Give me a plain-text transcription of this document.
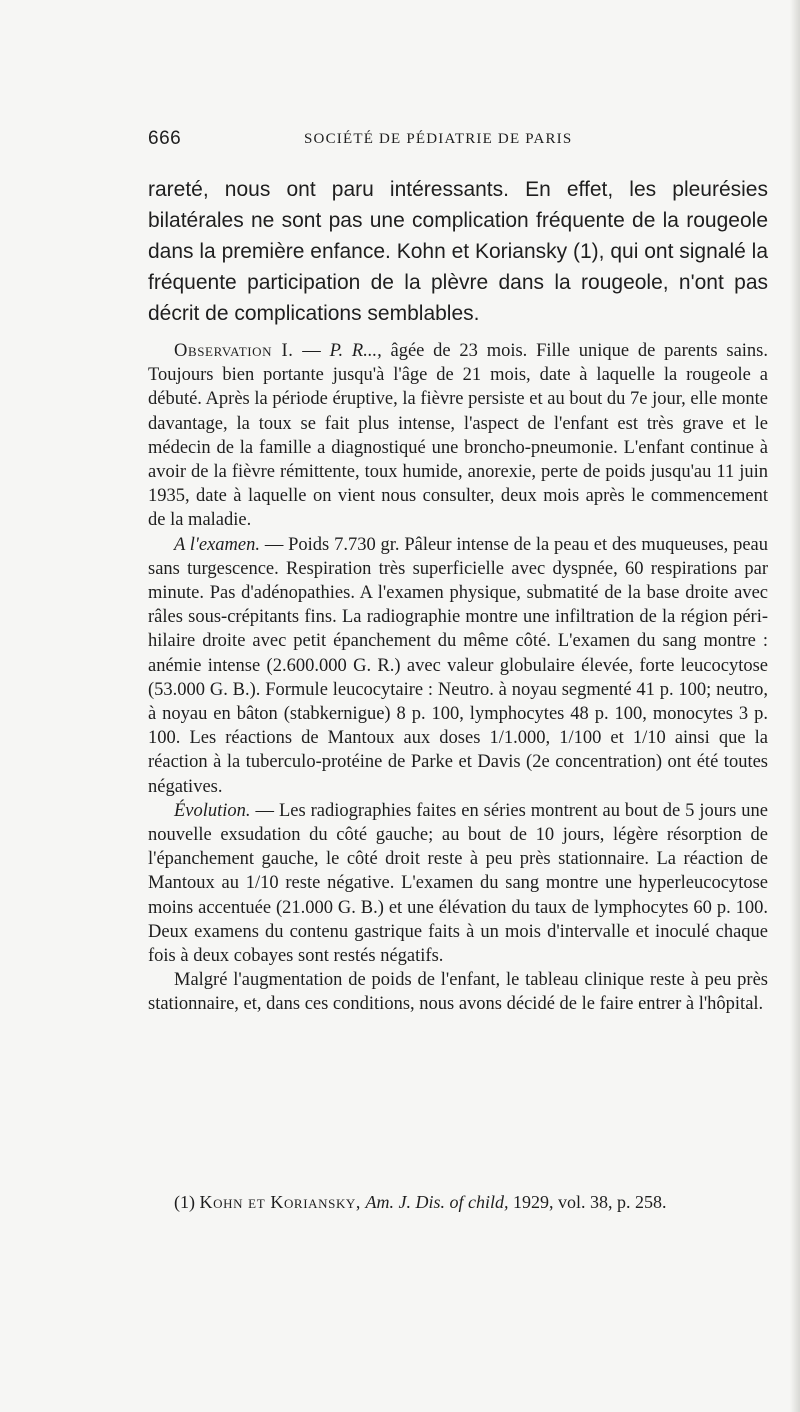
666	SOCIÉTÉ DE PÉDIATRIE DE PARIS

rareté, nous ont paru intéressants. En effet, les pleurésies bilatérales ne sont pas une complication fréquente de la rougeole dans la première enfance. Kohn et Koriansky (1), qui ont signalé la fréquente participation de la plèvre dans la rougeole, n'ont pas décrit de complications semblables.

Observation I. — P. R..., âgée de 23 mois. Fille unique de parents sains. Toujours bien portante jusqu'à l'âge de 21 mois, date à laquelle la rougeole a débuté. Après la période éruptive, la fièvre persiste et au bout du 7e jour, elle monte davantage, la toux se fait plus intense, l'aspect de l'enfant est très grave et le médecin de la famille a diagnostiqué une broncho-pneumonie. L'enfant continue à avoir de la fièvre rémittente, toux humide, anorexie, perte de poids jusqu'au 11 juin 1935, date à laquelle on vient nous consulter, deux mois après le commencement de la maladie.

A l'examen. — Poids 7.730 gr. Pâleur intense de la peau et des muqueuses, peau sans turgescence. Respiration très superficielle avec dyspnée, 60 respirations par minute. Pas d'adénopathies. A l'examen physique, submatité de la base droite avec râles sous-crépitants fins. La radiographie montre une infiltration de la région péri-hilaire droite avec petit épanchement du même côté. L'examen du sang montre : anémie intense (2.600.000 G. R.) avec valeur globulaire élevée, forte leucocytose (53.000 G. B.). Formule leucocytaire : Neutro. à noyau segmenté 41 p. 100; neutro, à noyau en bâton (stabkernigue) 8 p. 100, lymphocytes 48 p. 100, monocytes 3 p. 100. Les réactions de Mantoux aux doses 1/1.000, 1/100 et 1/10 ainsi que la réaction à la tuberculo-protéine de Parke et Davis (2e concentration) ont été toutes négatives.

Évolution. — Les radiographies faites en séries montrent au bout de 5 jours une nouvelle exsudation du côté gauche; au bout de 10 jours, légère résorption de l'épanchement gauche, le côté droit reste à peu près stationnaire. La réaction de Mantoux au 1/10 reste négative. L'examen du sang montre une hyperleucocytose moins accentuée (21.000 G. B.) et une élévation du taux de lymphocytes 60 p. 100. Deux examens du contenu gastrique faits à un mois d'intervalle et inoculé chaque fois à deux cobayes sont restés négatifs.

Malgré l'augmentation de poids de l'enfant, le tableau clinique reste à peu près stationnaire, et, dans ces conditions, nous avons décidé de le faire entrer à l'hôpital.

(1) Kohn et Koriansky, Am. J. Dis. of child, 1929, vol. 38, p. 258.
